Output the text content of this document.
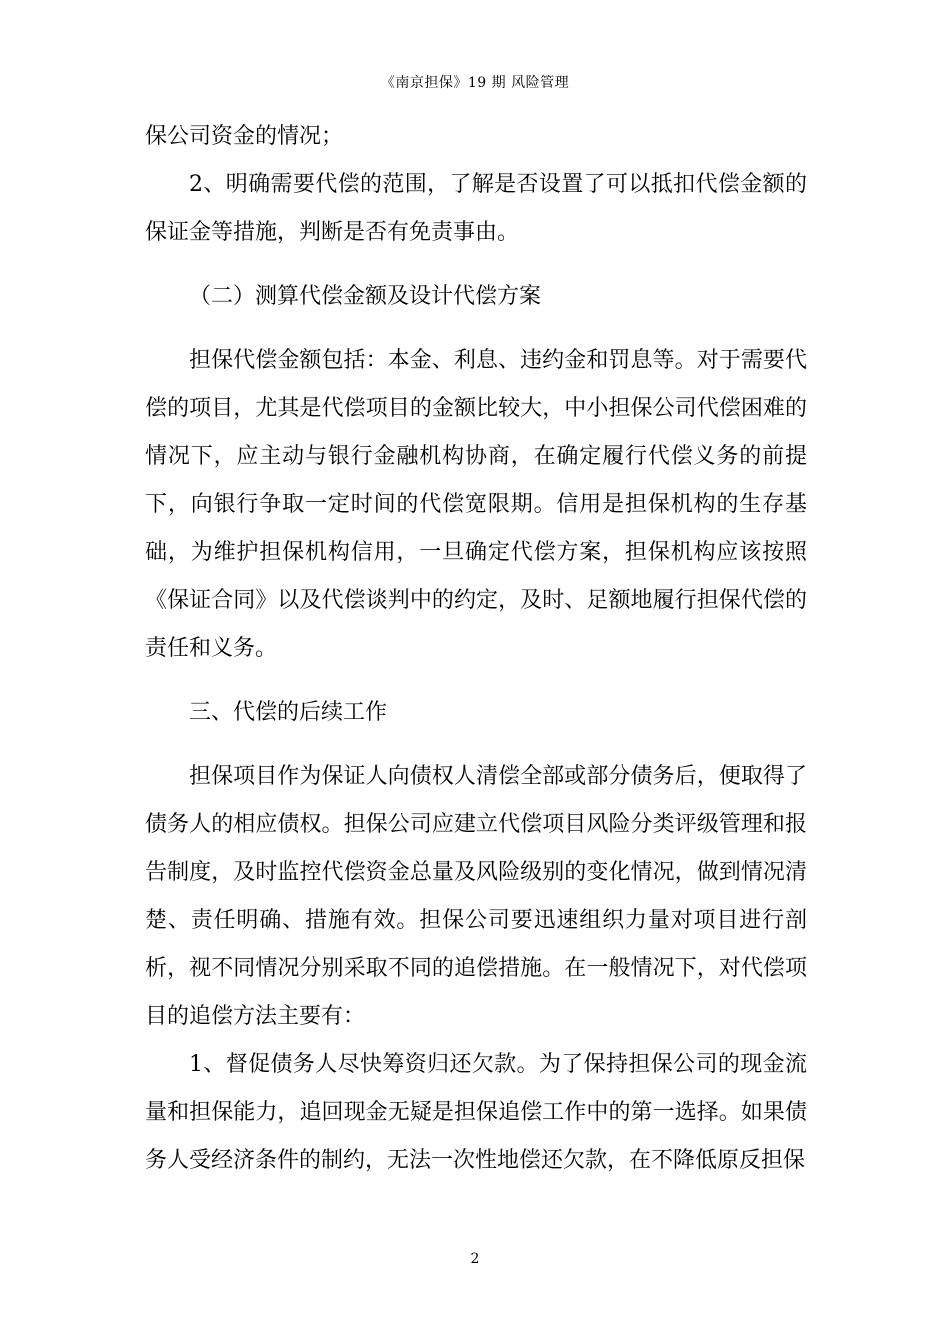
《南京担保》19 期 风险管理

保公司资金的情况；

2、明确需要代偿的范围，了解是否设置了可以抵扣代偿金额的保证金等措施，判断是否有免责事由。

（二）测算代偿金额及设计代偿方案

担保代偿金额包括：本金、利息、违约金和罚息等。对于需要代偿的项目，尤其是代偿项目的金额比较大，中小担保公司代偿困难的情况下，应主动与银行金融机构协商，在确定履行代偿义务的前提下，向银行争取一定时间的代偿宽限期。信用是担保机构的生存基础，为维护担保机构信用，一旦确定代偿方案，担保机构应该按照《保证合同》以及代偿谈判中的约定，及时、足额地履行担保代偿的责任和义务。

三、代偿的后续工作

担保项目作为保证人向债权人清偿全部或部分债务后，便取得了债务人的相应债权。担保公司应建立代偿项目风险分类评级管理和报告制度，及时监控代偿资金总量及风险级别的变化情况，做到情况清楚、责任明确、措施有效。担保公司要迅速组织力量对项目进行剖析，视不同情况分别采取不同的追偿措施。在一般情况下，对代偿项目的追偿方法主要有：

1、督促债务人尽快筹资归还欠款。为了保持担保公司的现金流量和担保能力，追回现金无疑是担保追偿工作中的第一选择。如果债务人受经济条件的制约，无法一次性地偿还欠款，在不降低原反担保

2
